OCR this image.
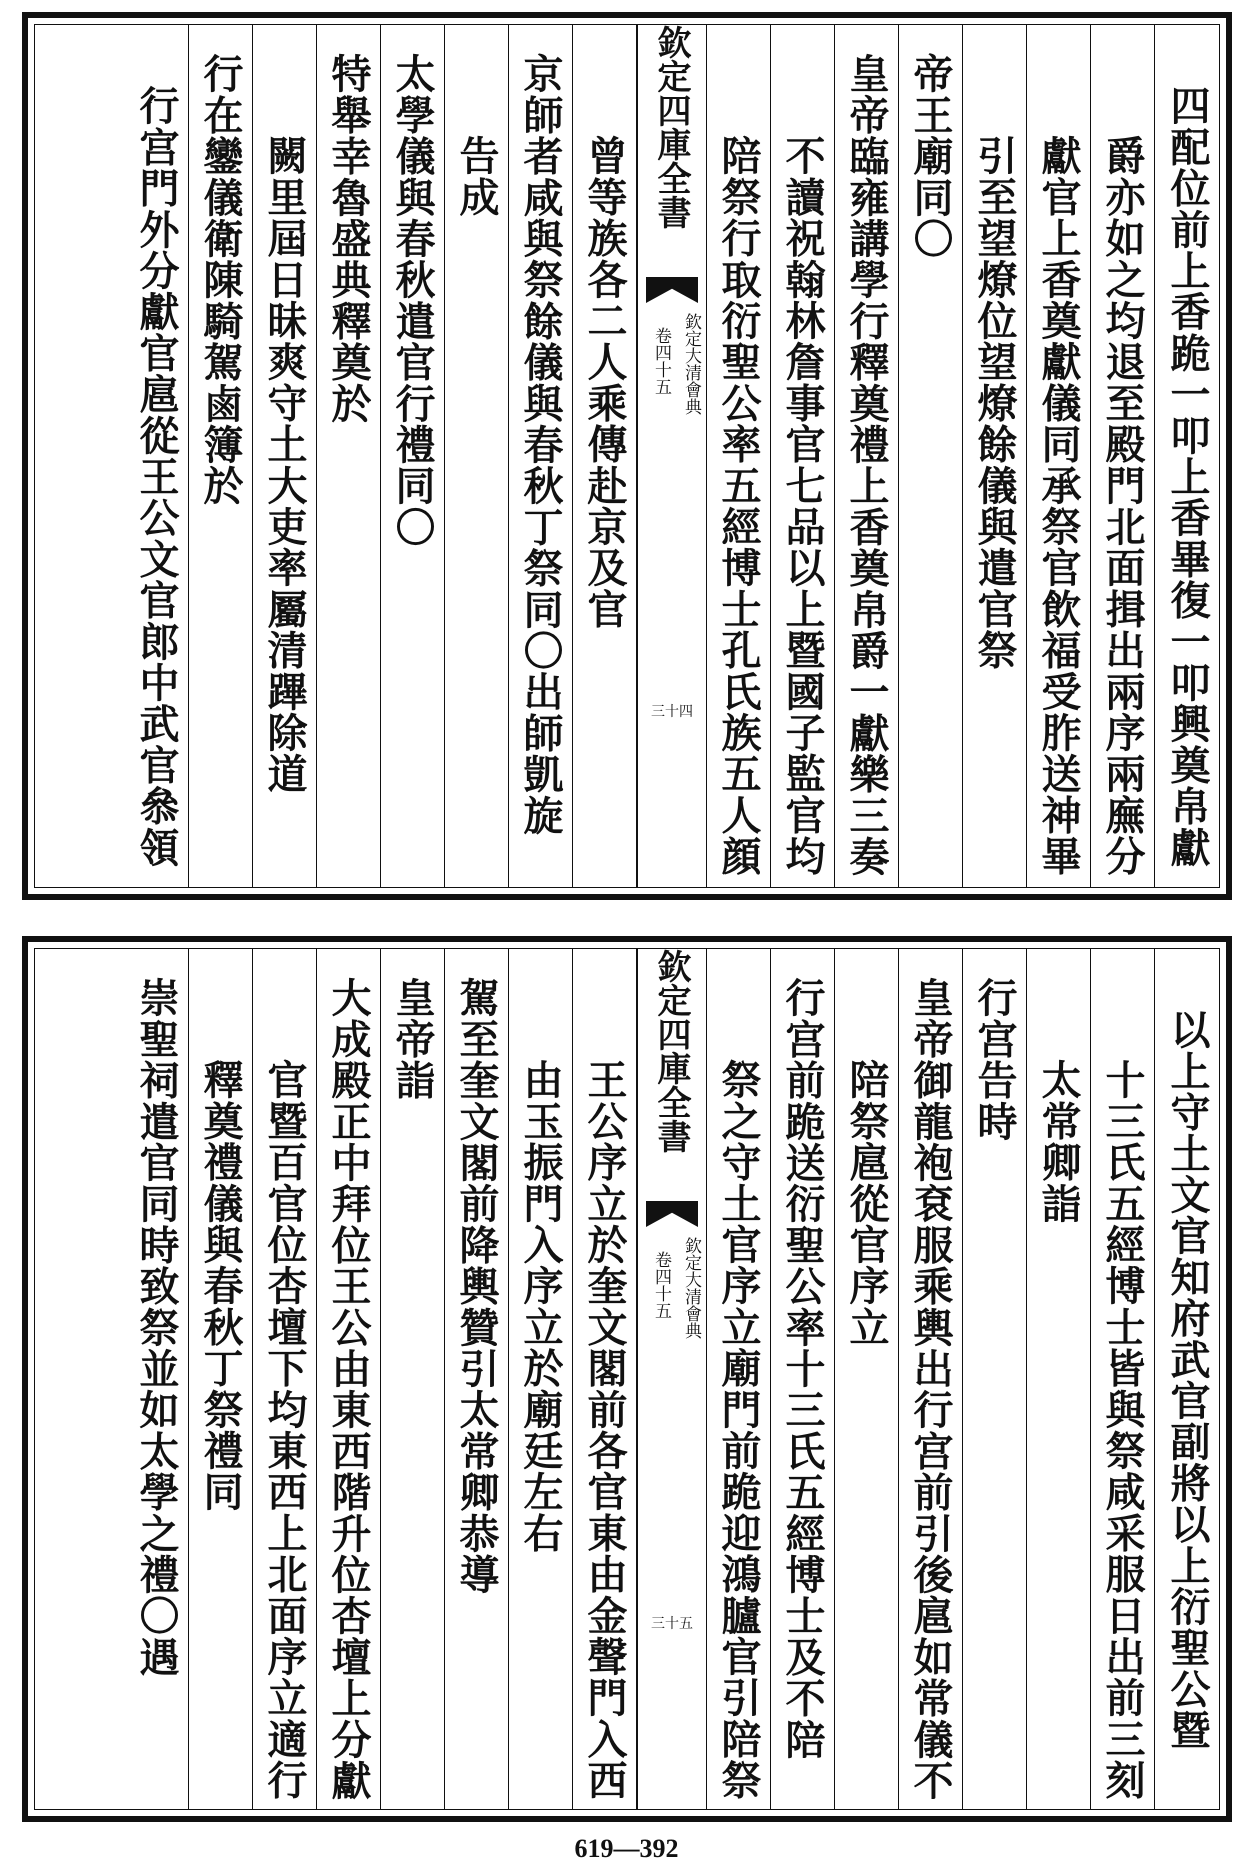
四配位前上香跪一叩上香畢復一叩興奠帛獻
爵亦如之均退至殿門北面揖出兩序兩廡分
獻官上香奠獻儀同承祭官飲福受胙送神畢
引至望燎位望燎餘儀與遣官祭
帝王廟同〇
皇帝臨雍講學行釋奠禮上香奠帛爵一獻樂三奏
不讀祝翰林詹事官七品以上暨國子監官均
陪祭行取衍聖公率五經博士孔氏族五人顔
欽定四庫全書
欽定大清會典
卷四十五
三十四
曾等族各二人乘傳赴京及官
京師者咸與祭餘儀與春秋丁祭同〇出師凱旋
告成
太學儀與春秋遣官行禮同〇
特舉幸魯盛典釋奠於
闕里屆日昧爽守土大吏率屬清蹕除道
行在鑾儀衛陳騎駕鹵簿於
行宫門外分獻官扈從王公文官郎中武官叅領
以上守土文官知府武官副將以上衍聖公暨
十三氏五經博士皆與祭咸采服日出前三刻
太常卿詣
行宫告時
皇帝御龍袍袞服乘輿出行宫前引後扈如常儀不
陪祭扈從官序立
行宫前跪送衍聖公率十三氏五經博士及不陪
祭之守土官序立廟門前跪迎鴻臚官引陪祭
欽定四庫全書
欽定大清會典
卷四十五
三十五
王公序立於奎文閣前各官東由金聲門入西
由玉振門入序立於廟廷左右
駕至奎文閣前降輿贊引太常卿恭導
皇帝詣
大成殿正中拜位王公由東西階升位杏壇上分獻
官暨百官位杏壇下均東西上北面序立適行
釋奠禮儀與春秋丁祭禮同
崇聖祠遣官同時致祭並如太學之禮〇遇
619—392
